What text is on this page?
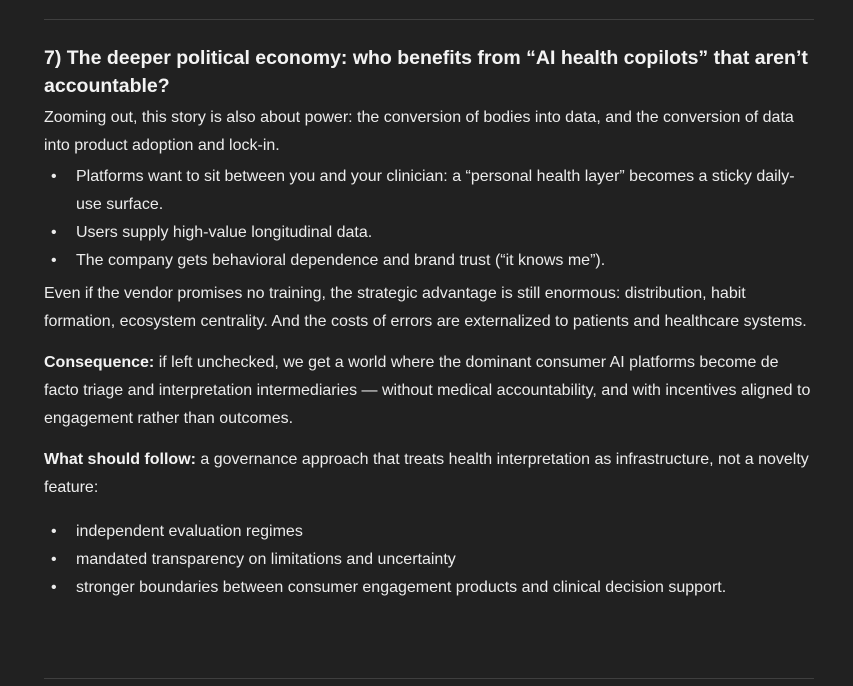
7) The deeper political economy: who benefits from “AI health copilots” that aren’t accountable?

Zooming out, this story is also about power: the conversion of bodies into data, and the conversion of data into product adoption and lock-in.

• Platforms want to sit between you and your clinician: a “personal health layer” becomes a sticky daily-use surface.
• Users supply high-value longitudinal data.
• The company gets behavioral dependence and brand trust (“it knows me”).

Even if the vendor promises no training, the strategic advantage is still enormous: distribution, habit formation, ecosystem centrality. And the costs of errors are externalized to patients and healthcare systems.

Consequence: if left unchecked, we get a world where the dominant consumer AI platforms become de facto triage and interpretation intermediaries — without medical accountability, and with incentives aligned to engagement rather than outcomes.

What should follow: a governance approach that treats health interpretation as infrastructure, not a novelty feature:

• independent evaluation regimes
• mandated transparency on limitations and uncertainty
• stronger boundaries between consumer engagement products and clinical decision support.
